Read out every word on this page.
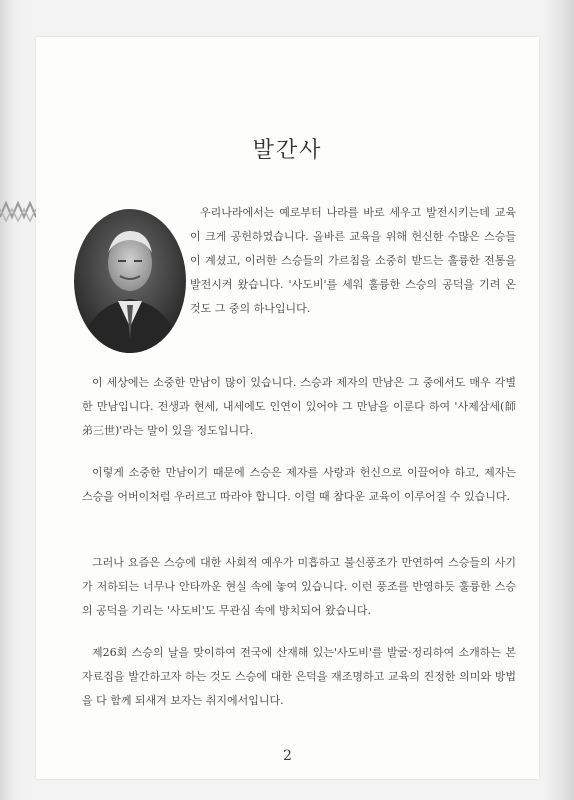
발간사

우리나라에서는 예로부터 나라를 바로 세우고 발전시키는데 교육이 크게 공헌하였습니다. 올바른 교육을 위해 헌신한 수많은 스승들이 계셨고, 이러한 스승들의 가르침을 소중히 받드는 훌륭한 전통을 발전시켜 왔습니다. '사도비'를 세워 훌륭한 스승의 공덕을 기려 온 것도 그 중의 하나입니다.

이 세상에는 소중한 만남이 많이 있습니다. 스승과 제자의 만남은 그 중에서도 매우 각별한 만남입니다. 전생과 현세, 내세에도 인연이 있어야 그 만남을 이룬다 하여 '사제삼세(師弟三世)'라는 말이 있을 정도입니다.

이렇게 소중한 만남이기 때문에 스승은 제자를 사랑과 헌신으로 이끌어야 하고, 제자는 스승을 어버이처럼 우러르고 따라야 합니다. 이럴 때 참다운 교육이 이루어질 수 있습니다.

그러나 요즘은 스승에 대한 사회적 예우가 미흡하고 불신풍조가 만연하여 스승들의 사기가 저하되는 너무나 안타까운 현실 속에 놓여 있습니다. 이런 풍조를 반영하듯 훌륭한 스승의 공덕을 기리는 '사도비'도 무관심 속에 방치되어 왔습니다.

제26회 스승의 날을 맞이하여 전국에 산재해 있는'사도비'를 발굴·정리하여 소개하는 본 자료집을 발간하고자 하는 것도 스승에 대한 은덕을 재조명하고 교육의 진정한 의미와 방법을 다 함께 되새겨 보자는 취지에서입니다.

2
